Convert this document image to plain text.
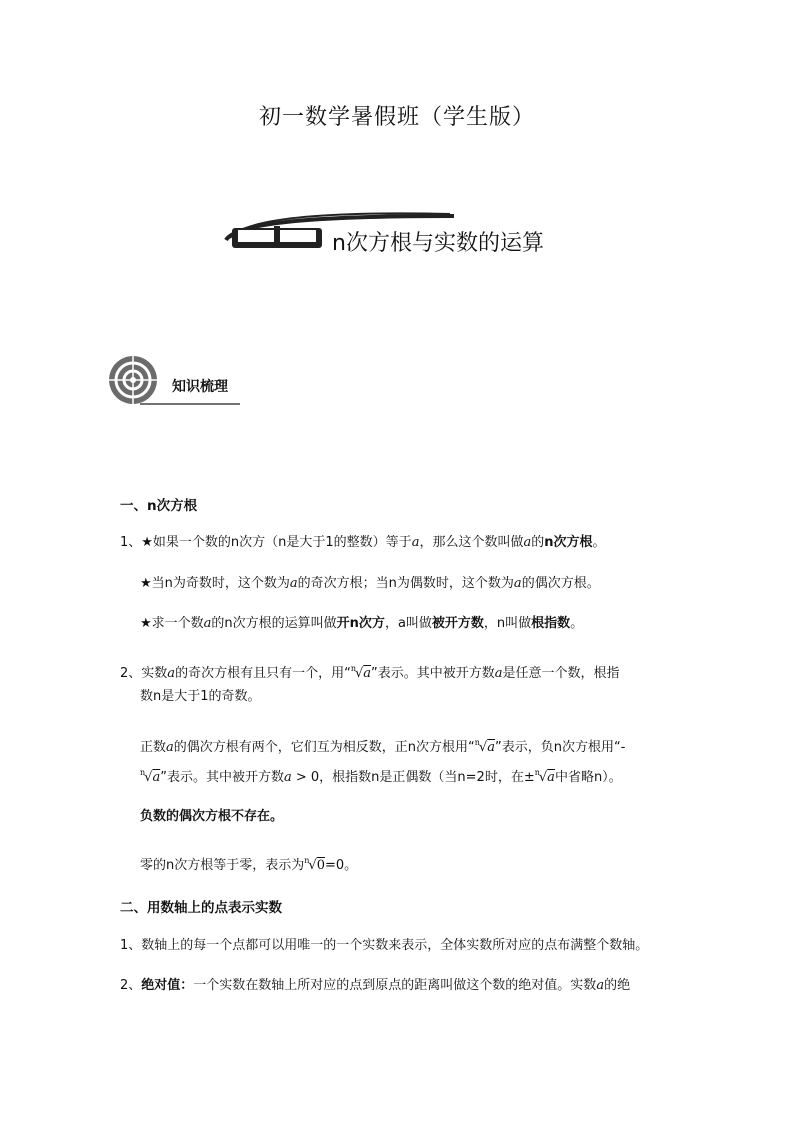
初一数学暑假班（学生版）
n次方根与实数的运算
知识梳理
一、n次方根
1、★如果一个数的n次方（n是大于1的整数）等于a，那么这个数叫做a的n次方根。
★当n为奇数时，这个数为a的奇次方根；当n为偶数时，这个数为a的偶次方根。
★求一个数a的n次方根的运算叫做开n次方，a叫做被开方数，n叫做根指数。
2、实数a的奇次方根有且只有一个，用“$^n$√a”表示。其中被开方数a是任意一个数，根指
数n是大于1的奇数。
正数a的偶次方根有两个，它们互为相反数，正n次方根用“$^n$√a”表示，负n次方根用“-
$^n$√a”表示。其中被开方数a > 0，根指数n是正偶数（当n=2时，在±$^n$√a中省略n）。
负数的偶次方根不存在。
零的n次方根等于零，表示为$^n$√0=0。
二、用数轴上的点表示实数
1、数轴上的每一个点都可以用唯一的一个实数来表示，全体实数所对应的点布满整个数轴。
2、绝对值：一个实数在数轴上所对应的点到原点的距离叫做这个数的绝对值。实数a的绝
